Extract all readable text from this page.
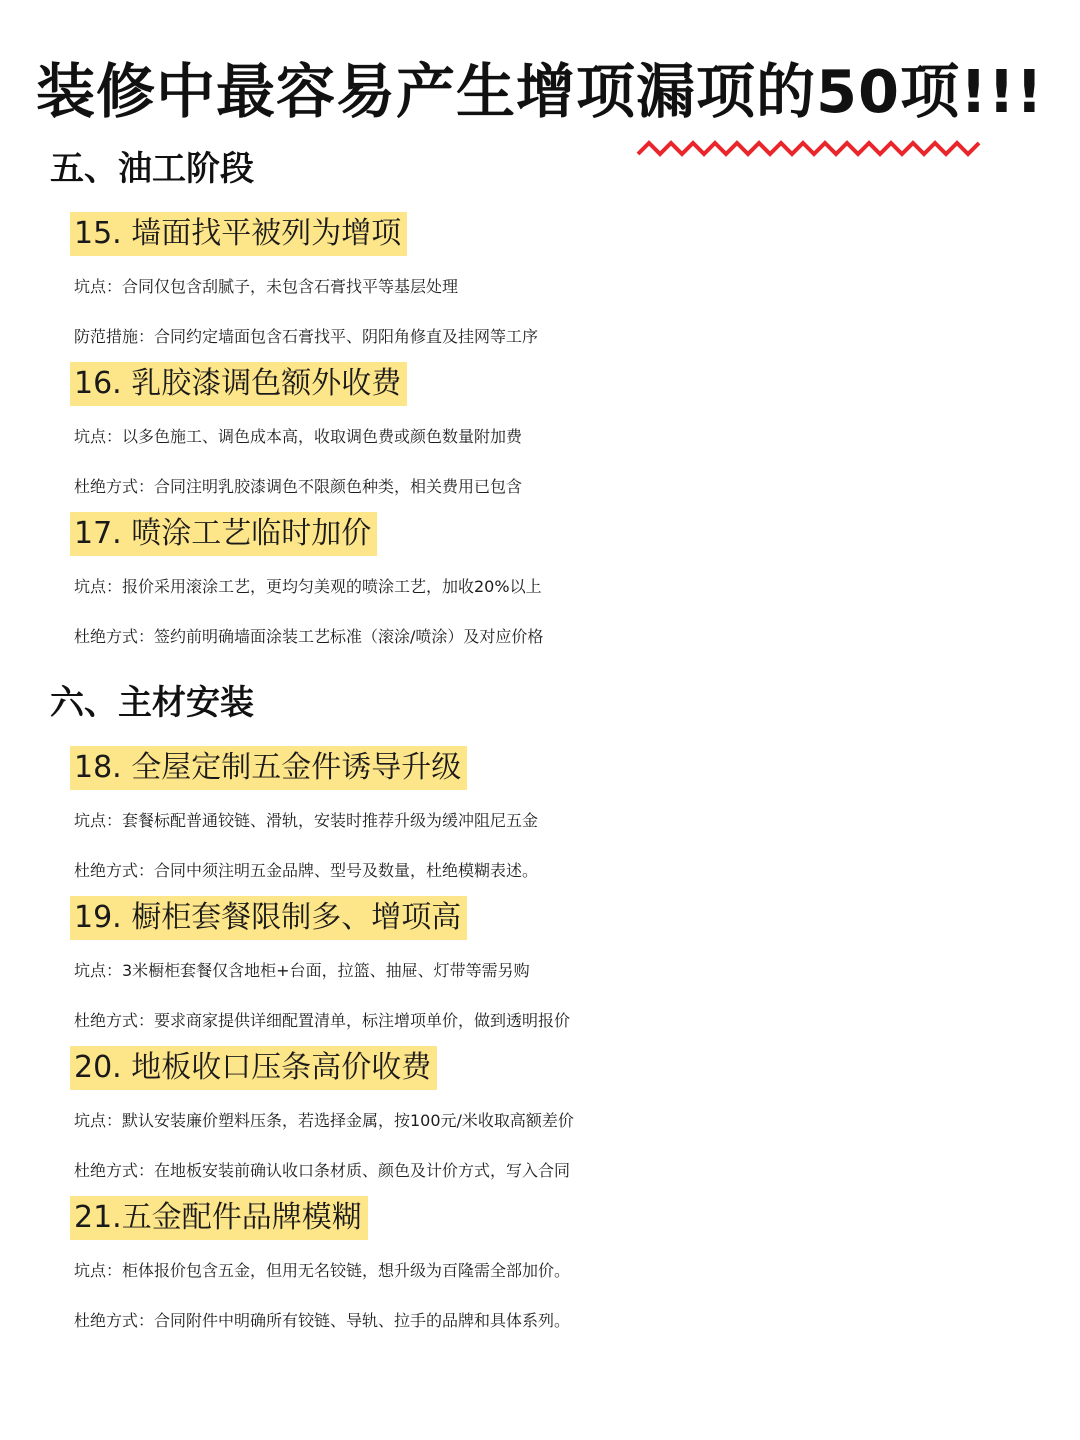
装修中最容易产生增项漏项的50项!!!
五、油工阶段
15. 墙面找平被列为增项
坑点：合同仅包含刮腻子，未包含石膏找平等基层处理
防范措施：合同约定墙面包含石膏找平、阴阳角修直及挂网等工序
16. 乳胶漆调色额外收费
坑点：以多色施工、调色成本高，收取调色费或颜色数量附加费
杜绝方式：合同注明乳胶漆调色不限颜色种类，相关费用已包含
17. 喷涂工艺临时加价
坑点：报价采用滚涂工艺，更均匀美观的喷涂工艺，加收20%以上
杜绝方式：签约前明确墙面涂装工艺标准（滚涂/喷涂）及对应价格
六、主材安装
18. 全屋定制五金件诱导升级
坑点：套餐标配普通铰链、滑轨，安装时推荐升级为缓冲阻尼五金
杜绝方式：合同中须注明五金品牌、型号及数量，杜绝模糊表述。
19. 橱柜套餐限制多、增项高
坑点：3米橱柜套餐仅含地柜+台面，拉篮、抽屉、灯带等需另购
杜绝方式：要求商家提供详细配置清单，标注增项单价，做到透明报价
20. 地板收口压条高价收费
坑点：默认安装廉价塑料压条，若选择金属，按100元/米收取高额差价
杜绝方式：在地板安装前确认收口条材质、颜色及计价方式，写入合同
21.五金配件品牌模糊
坑点：柜体报价包含五金，但用无名铰链，想升级为百隆需全部加价。
杜绝方式：合同附件中明确所有铰链、导轨、拉手的品牌和具体系列。
